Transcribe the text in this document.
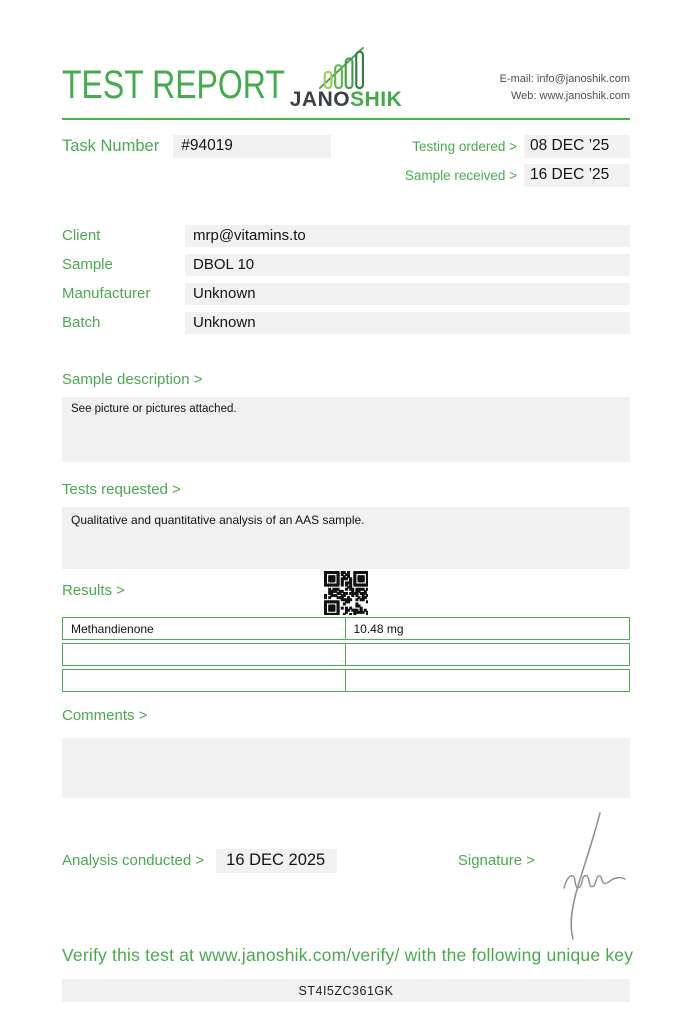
TEST REPORT JANOSHIK
E-mail: info@janoshik.com
Web: www.janoshik.com
Task Number	#94019	Testing ordered > 08 DEC ’25
Sample received > 16 DEC ’25
Client	mrp@vitamins.to
Sample	DBOL 10
Manufacturer	Unknown
Batch	Unknown
Sample description >
See picture or pictures attached.
Tests requested >
Qualitative and quantitative analysis of an AAS sample.
Results >
Methandienone	10.48 mg
Comments >
Analysis conducted >	16 DEC 2025	Signature >
Verify this test at www.janoshik.com/verify/ with the following unique key
ST4I5ZC361GK
